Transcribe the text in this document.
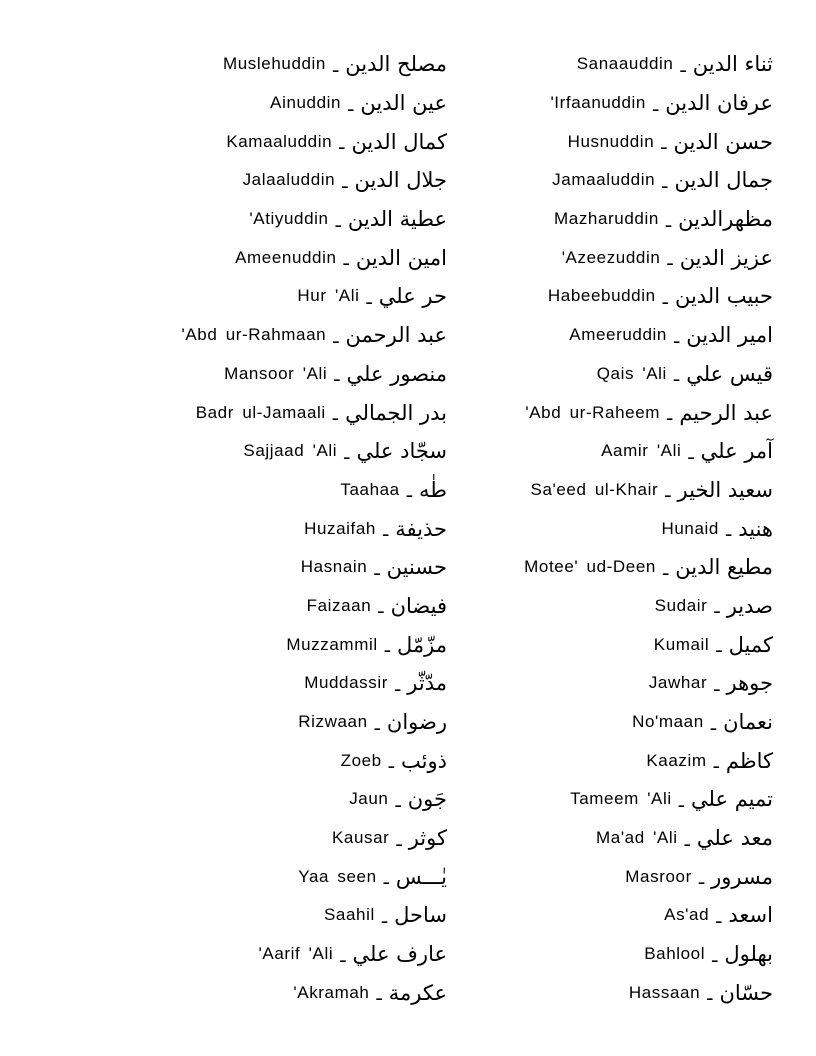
Muslehuddin ـ مصلح الدين
Ainuddin ـ عين الدين
Kamaaluddin ـ كمال الدين
Jalaaluddin ـ جلال الدين
'Atiyuddin ـ عطية الدين
Ameenuddin ـ امين الدين
Hur 'Ali ـ حر علي
'Abd ur-Rahmaan ـ عبد الرحمن
Mansoor 'Ali ـ منصور علي
Badr ul-Jamaali ـ بدر الجمالي
Sajjaad 'Ali ـ سجّاد علي
Taahaa ـ طٰه
Huzaifah ـ حذيفة
Hasnain ـ حسنين
Faizaan ـ فيضان
Muzzammil ـ مزّمّل
Muddassir ـ مدّثّر
Rizwaan ـ رضوان
Zoeb ـ ذوئب
Jaun ـ جَون
Kausar ـ كوثر
Yaa seen ـ يٰـــس
Saahil ـ ساحل
'Aarif 'Ali ـ عارف علي
'Akramah ـ عكرمة
Sanaauddin ـ ثناء الدين
'Irfaanuddin ـ عرفان الدين
Husnuddin ـ حسن الدين
Jamaaluddin ـ جمال الدين
Mazharuddin ـ مظهرالدين
'Azeezuddin ـ عزيز الدين
Habeebuddin ـ حبيب الدين
Ameeruddin ـ امير الدين
Qais 'Ali ـ قيس علي
'Abd ur-Raheem ـ عبد الرحيم
Aamir 'Ali ـ آمر علي
Sa'eed ul-Khair ـ سعيد الخير
Hunaid ـ هنيد
Motee' ud-Deen ـ مطيع الدين
Sudair ـ صدير
Kumail ـ كميل
Jawhar ـ جوهر
No'maan ـ نعمان
Kaazim ـ كاظم
Tameem 'Ali ـ تميم علي
Ma'ad 'Ali ـ معد علي
Masroor ـ مسرور
As'ad ـ اسعد
Bahlool ـ بهلول
Hassaan ـ حسّان
